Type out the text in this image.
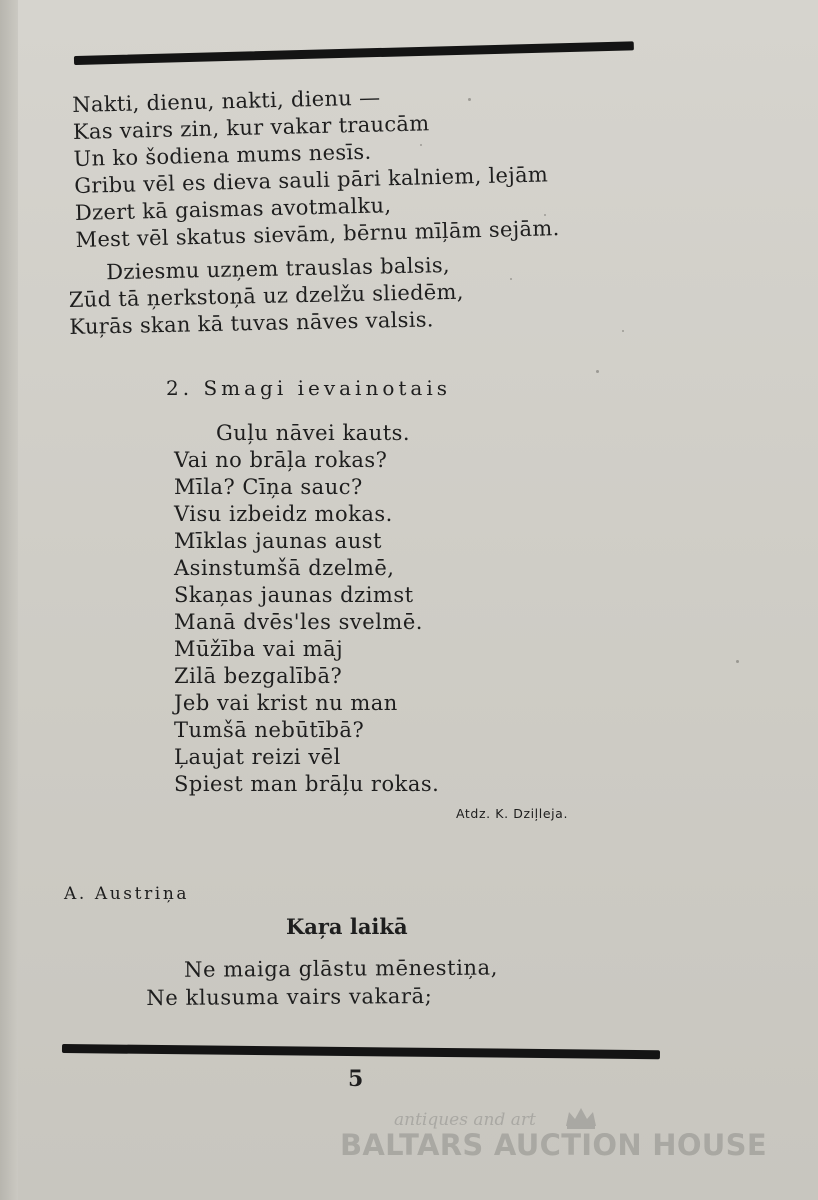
Nakti, dienu, nakti, dienu —
Kas vairs zin, kur vakar traucām
Un ko šodiena mums nesīs.
Gribu vēl es dieva sauli pāri kalniem, lejām
Dzert kā gaismas avotmalku,
Mest vēl skatus sievām, bērnu mīļām sejām.
Dziesmu uzņem trauslas balsis,
Zūd tā ņerkstoņā uz dzelžu sliedēm,
Kuŗās skan kā tuvas nāves valsis.
2. Smagi ievainotais
Guļu nāvei kauts.
Vai no brāļa rokas?
Mīla? Cīņa sauc?
Visu izbeidz mokas.
Mīklas jaunas aust
Asinstumšā dzelmē,
Skaņas jaunas dzimst
Manā dvēs'les svelmē.
Mūžība vai māj
Zilā bezgalībā?
Jeb vai krist nu man
Tumšā nebūtībā?
Ļaujat reizi vēl
Spiest man brāļu rokas.
Atdz. K. Dziļleja.
A. Austriņa
Kaŗa laikā
Ne maiga glāstu mēnestiņa,
Ne klusuma vairs vakarā;
5
antiques and art
BALTARS AUCTION HOUSE
